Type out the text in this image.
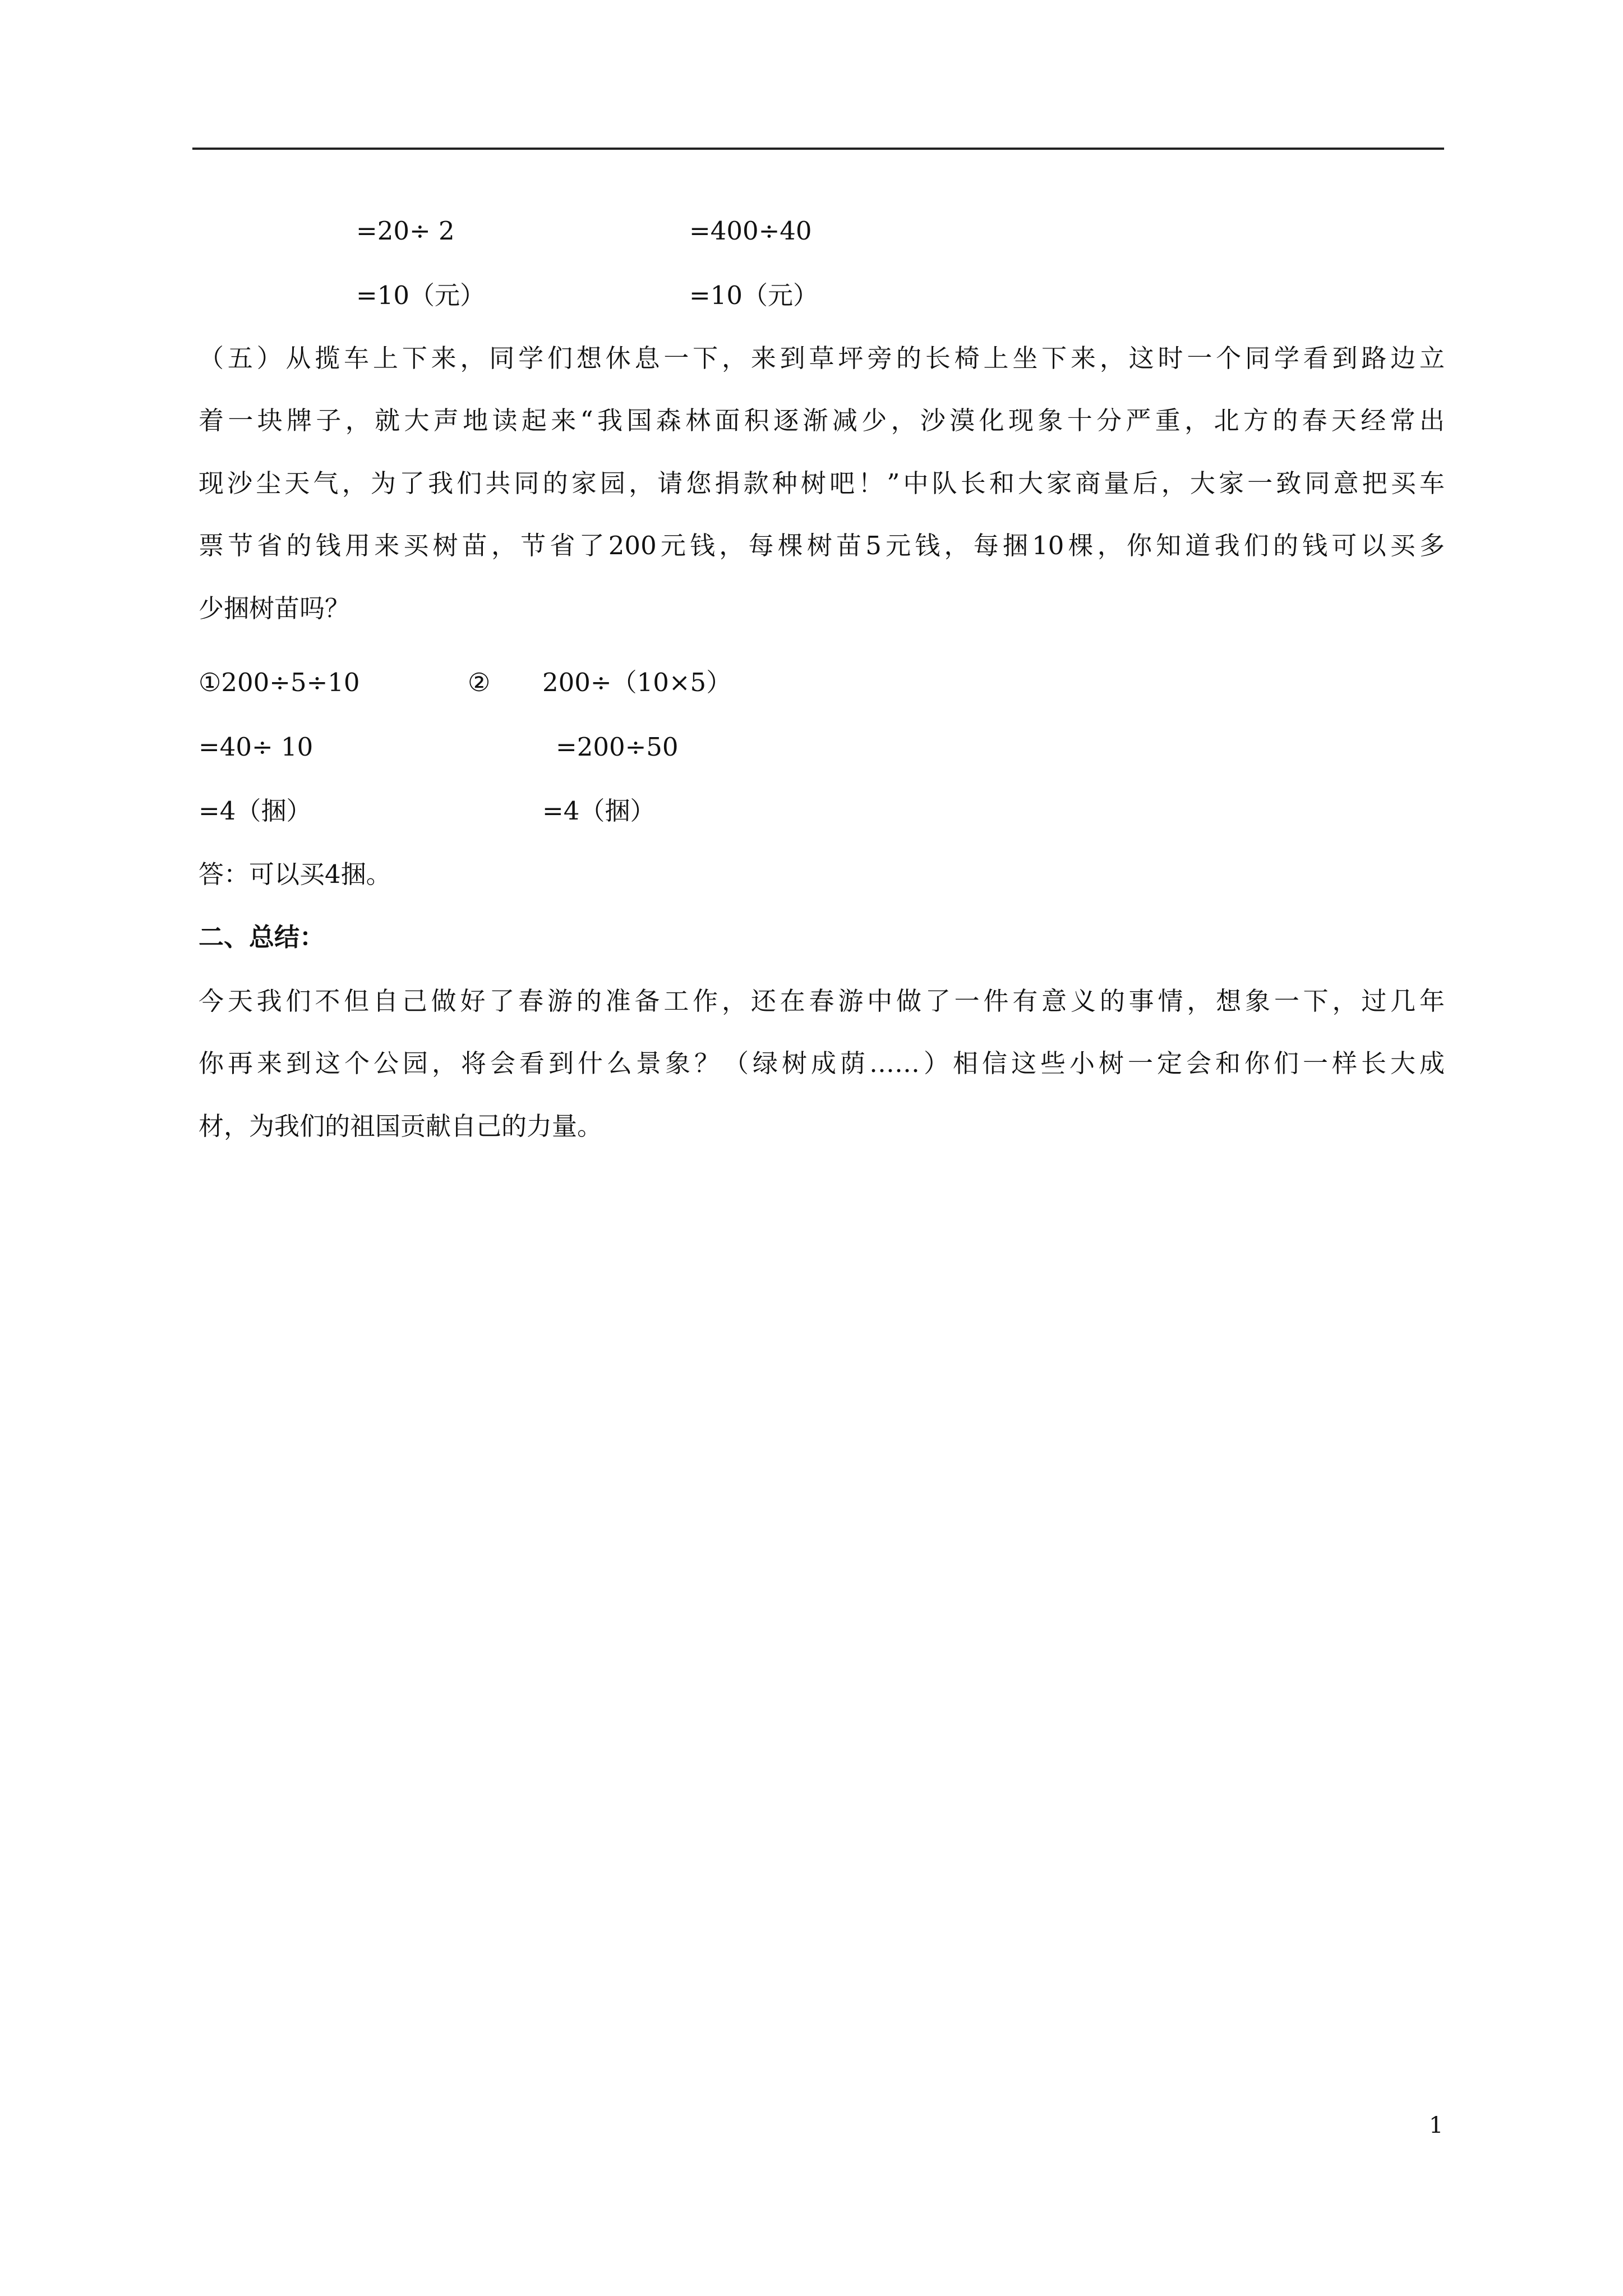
=20÷ 2
=10（元）
=400÷40
=10（元）
（五）从揽车上下来，同学们想休息一下，来到草坪旁的长椅上坐下来，这时一个同学看到路边立
着一块牌子，就大声地读起来“我国森林面积逐渐减少，沙漠化现象十分严重，北方的春天经常出
现沙尘天气，为了我们共同的家园，请您捐款种树吧！”中队长和大家商量后，大家一致同意把买车
票节省的钱用来买树苗，节省了200元钱，每棵树苗5元钱，每捆10棵，你知道我们的钱可以买多
少捆树苗吗？
①200÷5÷10
=40÷ 10
=4（捆）
② 200÷（10×5）
=200÷50
=4（捆）
答：可以买4捆。
二、总结：
今天我们不但自己做好了春游的准备工作，还在春游中做了一件有意义的事情，想象一下，过几年
你再来到这个公园，将会看到什么景象？（绿树成荫……）相信这些小树一定会和你们一样长大成
材，为我们的祖国贡献自己的力量。
1
